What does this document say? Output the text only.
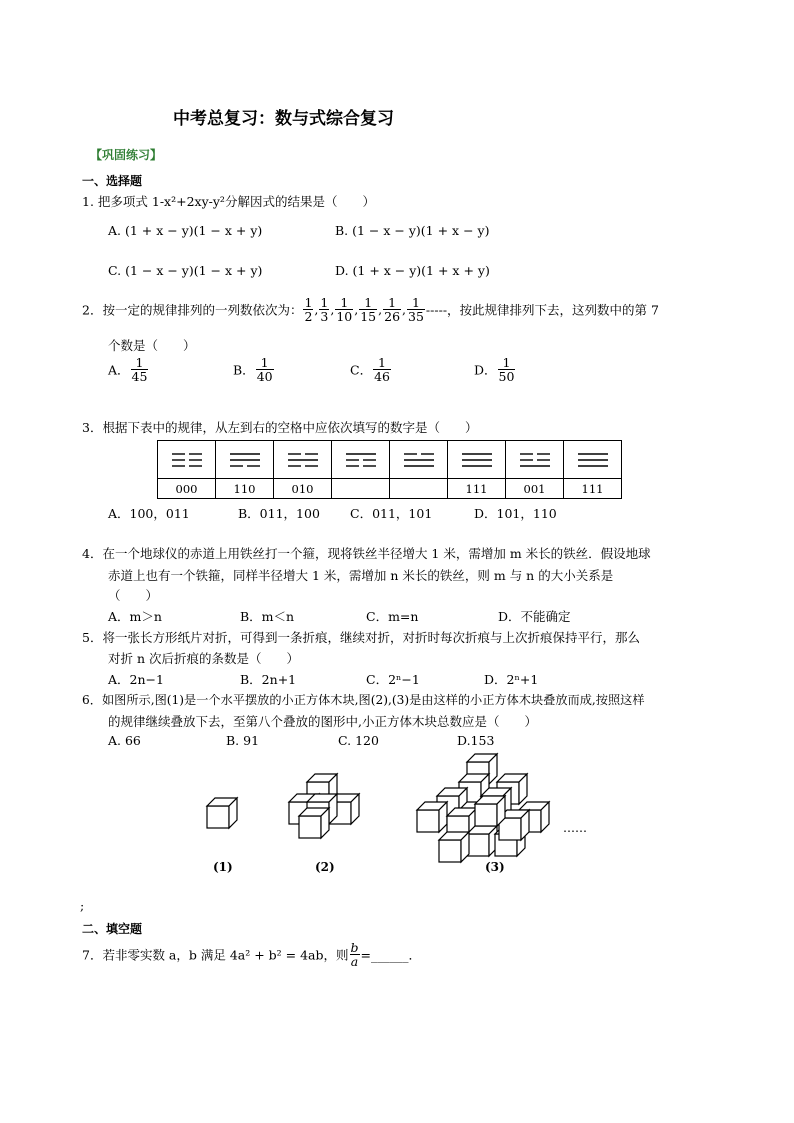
中考总复习：数与式综合复习
【巩固练习】
一、选择题
1. 把多项式 1-x²+2xy-y²分解因式的结果是（　　）
A. (1 + x − y)(1 − x + y)	B. (1 − x − y)(1 + x − y)
C. (1 − x − y)(1 − x + y)	D. (1 + x − y)(1 + x + y)
2．按一定的规律排列的一列数依次为： $\frac{1}{2}$ , $\frac{1}{3}$ , $\frac{1}{10}$ , $\frac{1}{15}$ , $\frac{1}{26}$ , $\frac{1}{35}$ -----，按此规律排列下去，这列数中的第 7
个数是（　　）
A． $\frac{1}{45}$	B． $\frac{1}{40}$	C． $\frac{1}{46}$	D． $\frac{1}{50}$
3．根据下表中的规律，从左到右的空格中应依次填写的数字是（　　）

000	110	010			111	001	111
A．100，011	B．011，100 C．011，101	D．101，110
4．在一个地球仪的赤道上用铁丝打一个箍，现将铁丝半径增大 1 米，需增加 m 米长的铁丝．假设地球
赤道上也有一个铁箍，同样半径增大 1 米，需增加 n 米长的铁丝，则 m 与 n 的大小关系是
（　　）
A．m＞n	B．m＜n	C．m=n	D．不能确定
5．将一张长方形纸片对折，可得到一条折痕，继续对折，对折时每次折痕与上次折痕保持平行，那么
对折 n 次后折痕的条数是（　　）
A．2n−1	B．2n+1	C．2ⁿ−1	D．2ⁿ+1
6．如图所示,图(1)是一个水平摆放的小正方体木块,图(2),(3)是由这样的小正方体木块叠放而成,按照这样
的规律继续叠放下去，至第八个叠放的图形中,小正方体木块总数应是（　　）
A. 66	B. 91	C. 120	D.153
(1)	(2)	(3)
……
;
二、填空题
7．若非零实数 a，b 满足 4a² + b² = 4ab，则 $\frac{b}{a}$ =______．
